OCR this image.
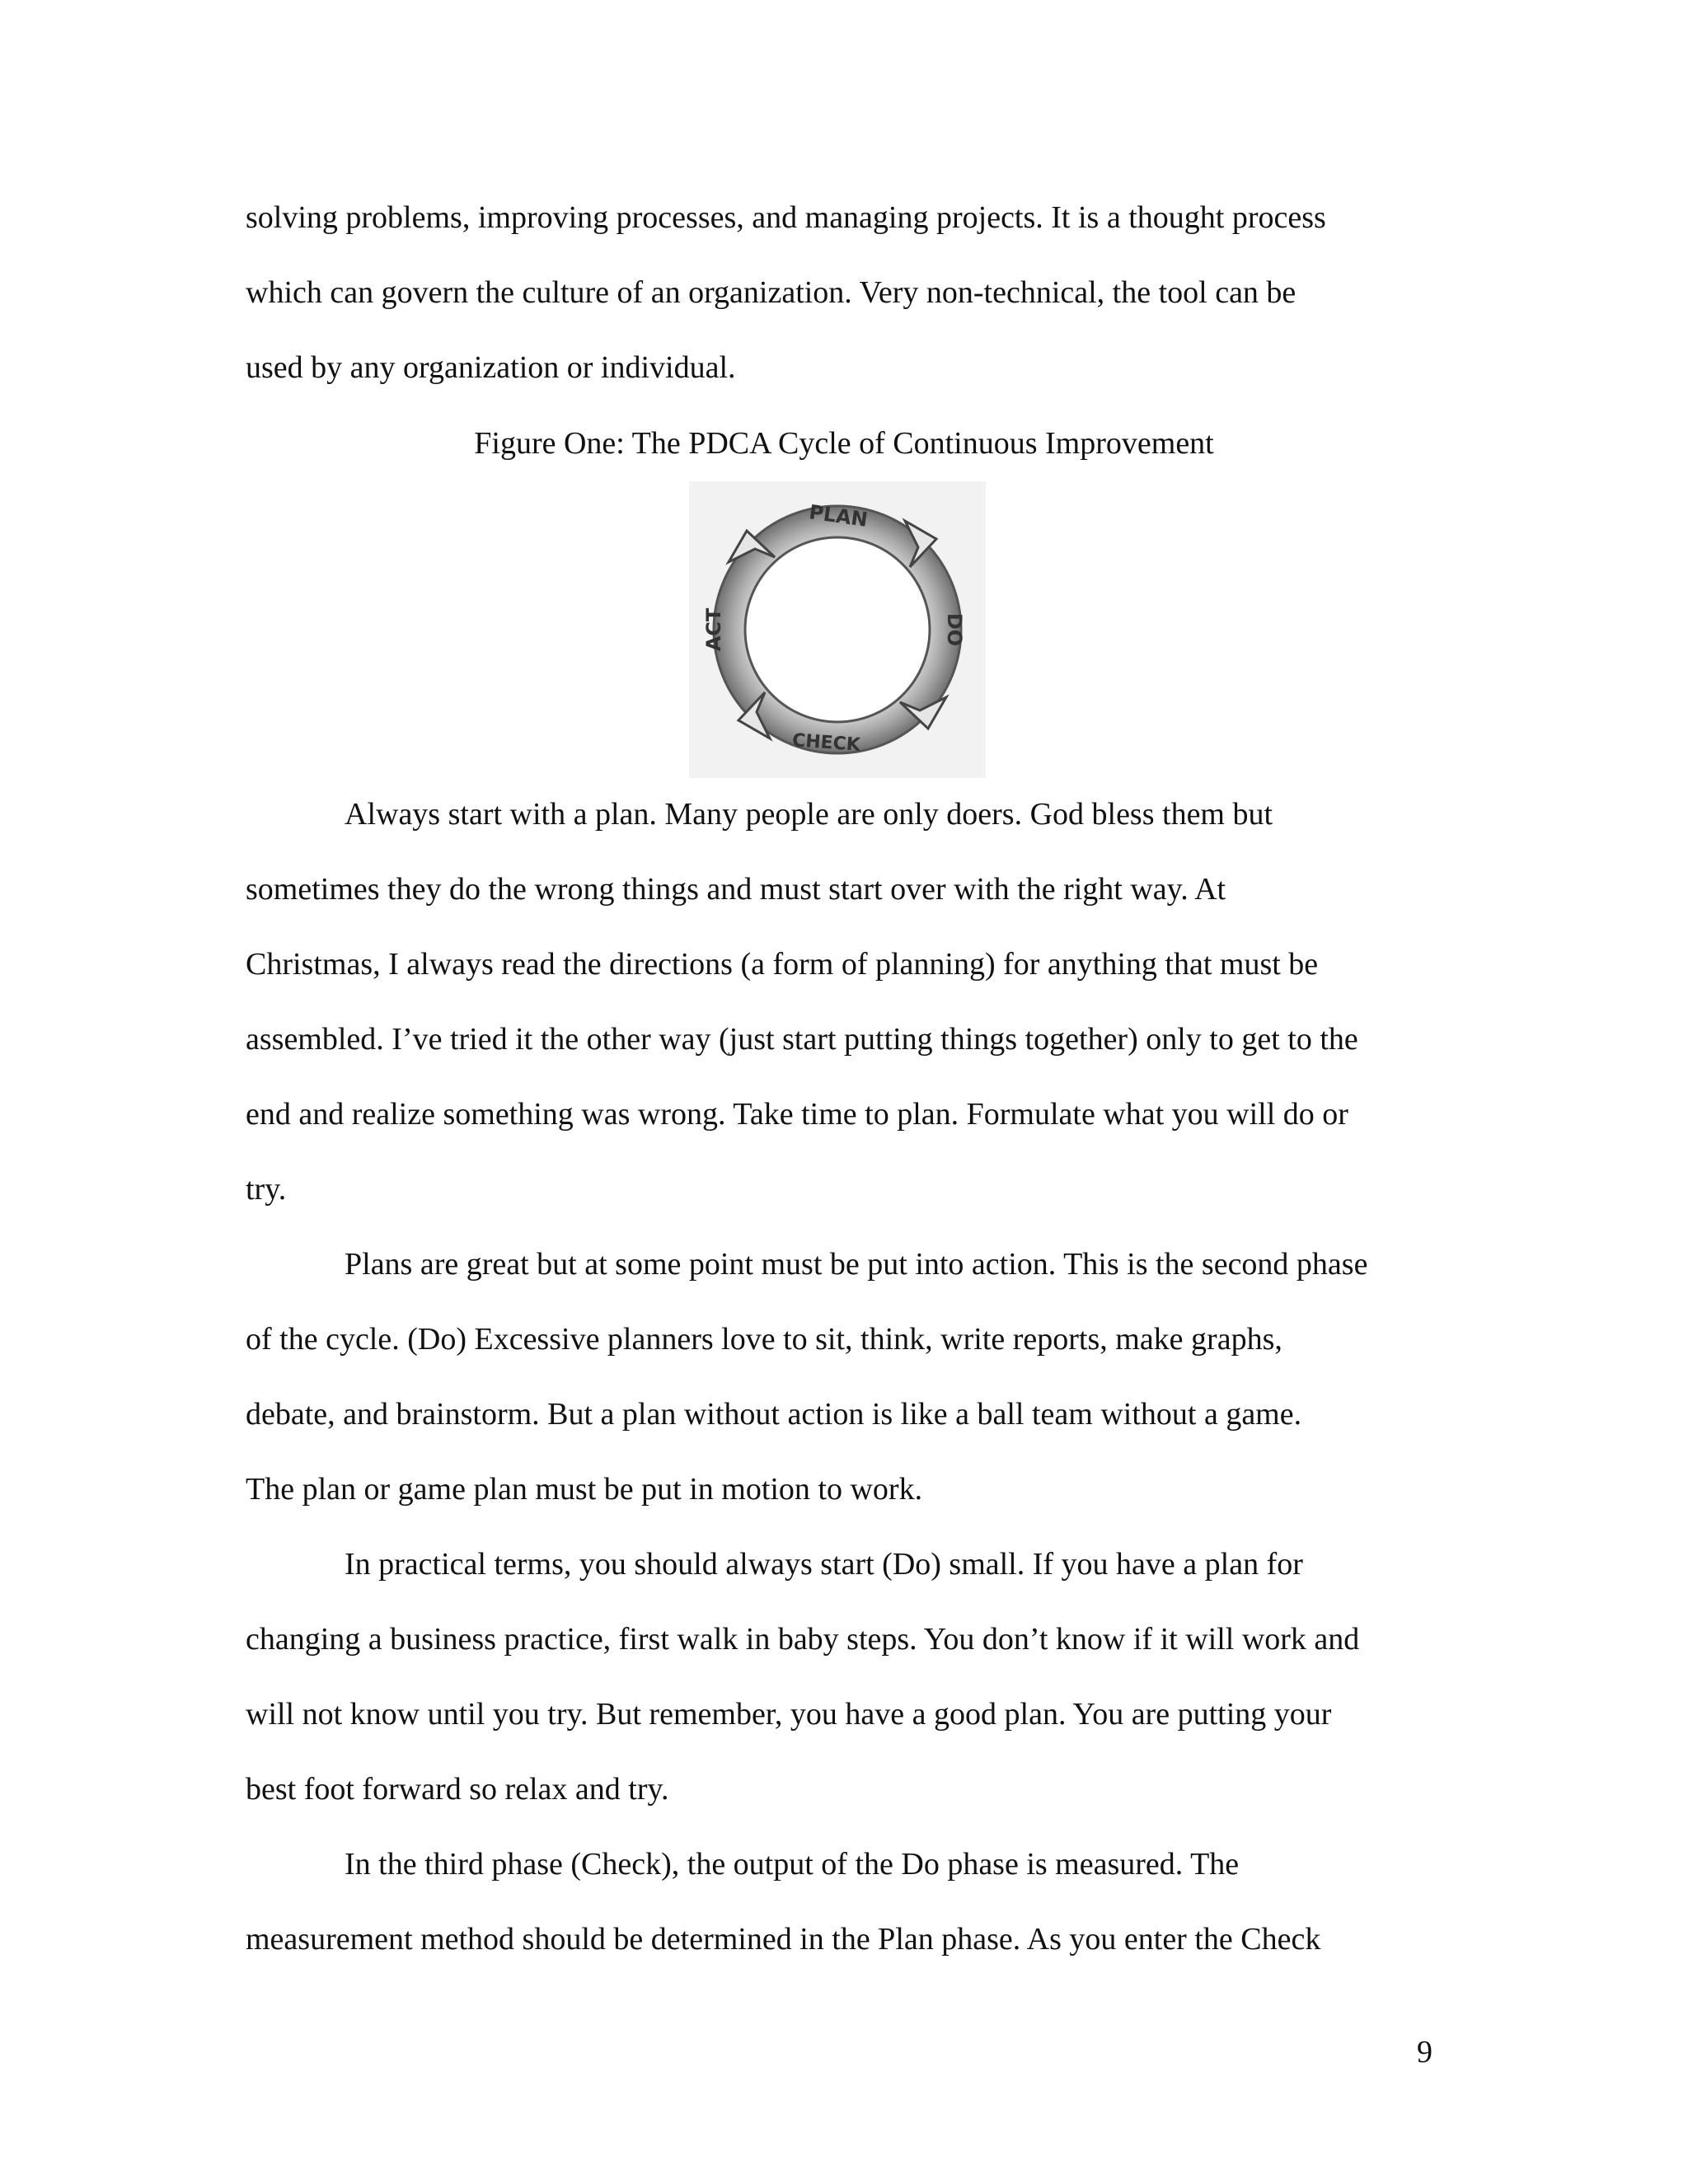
solving problems, improving processes, and managing projects. It is a thought process
which can govern the culture of an organization. Very non-technical, the tool can be
used by any organization or individual.
Figure One: The PDCA Cycle of Continuous Improvement
PLAN
DO
CHECK
ACT
Always start with a plan. Many people are only doers. God bless them but
sometimes they do the wrong things and must start over with the right way. At
Christmas, I always read the directions (a form of planning) for anything that must be
assembled. I’ve tried it the other way (just start putting things together) only to get to the
end and realize something was wrong. Take time to plan. Formulate what you will do or
try.
Plans are great but at some point must be put into action. This is the second phase
of the cycle. (Do) Excessive planners love to sit, think, write reports, make graphs,
debate, and brainstorm. But a plan without action is like a ball team without a game.
The plan or game plan must be put in motion to work.
In practical terms, you should always start (Do) small. If you have a plan for
changing a business practice, first walk in baby steps. You don’t know if it will work and
will not know until you try. But remember, you have a good plan. You are putting your
best foot forward so relax and try.
In the third phase (Check), the output of the Do phase is measured. The
measurement method should be determined in the Plan phase. As you enter the Check
9
